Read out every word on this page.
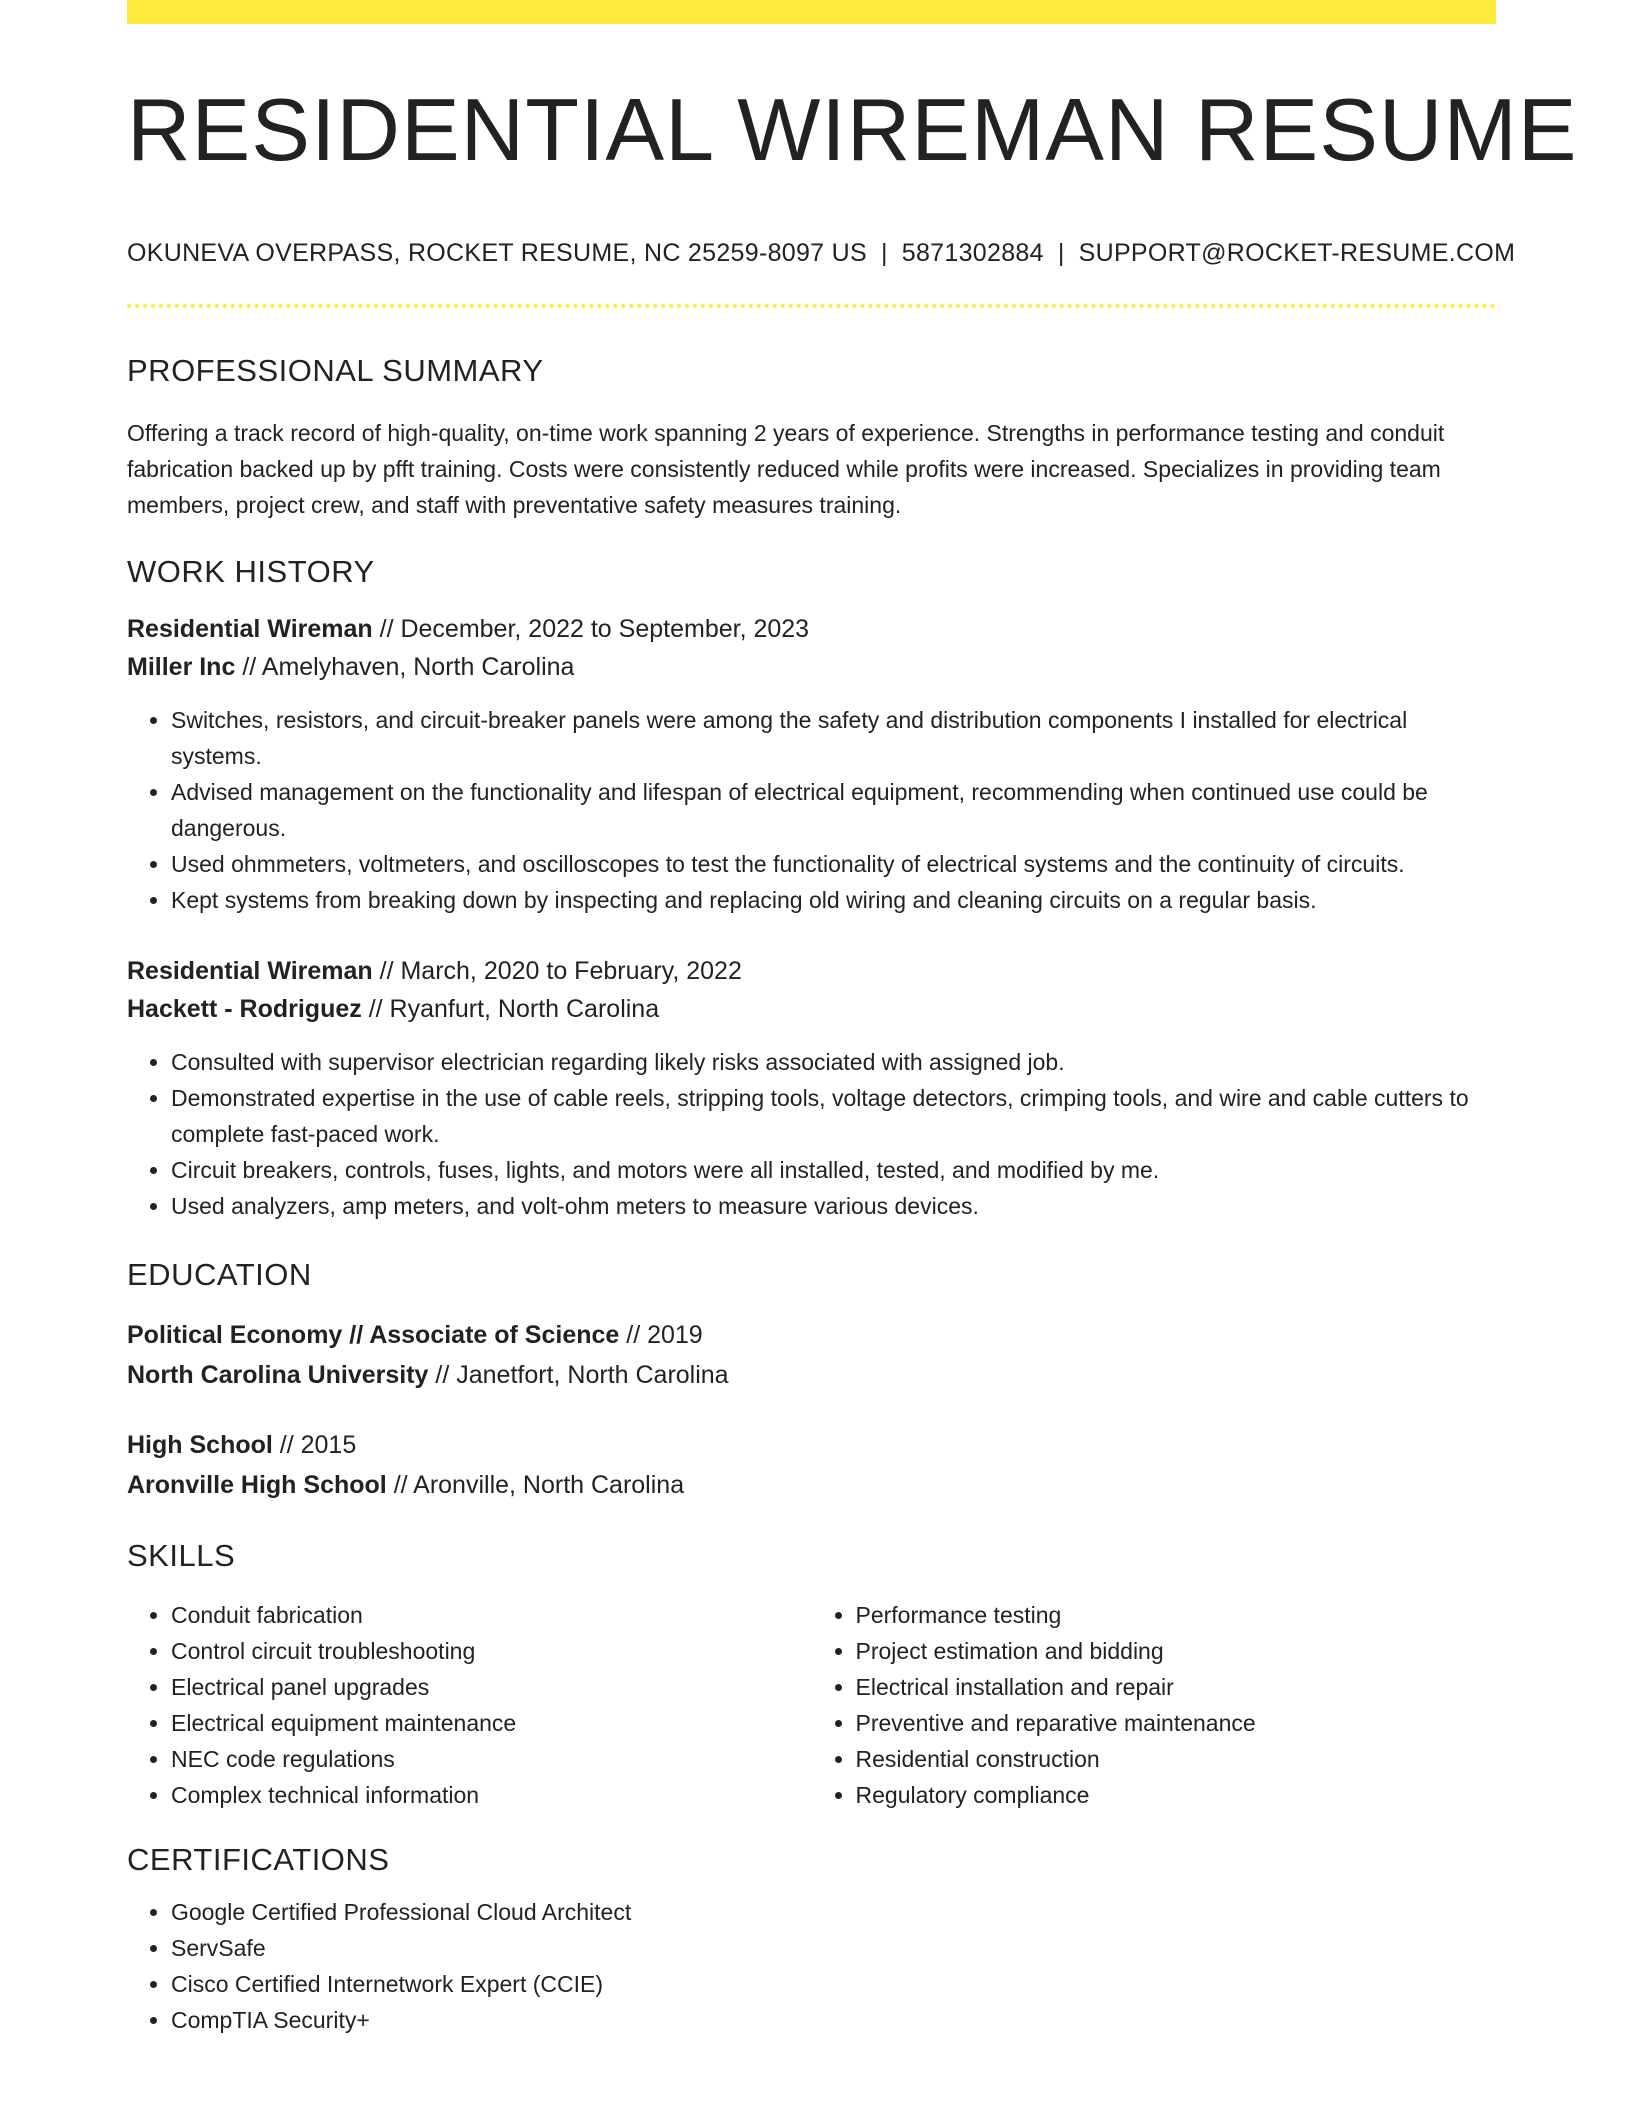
RESIDENTIAL WIREMAN RESUME
OKUNEVA OVERPASS, ROCKET RESUME, NC 25259-8097 US | 5871302884 | SUPPORT@ROCKET-RESUME.COM
PROFESSIONAL SUMMARY

Offering a track record of high-quality, on-time work spanning 2 years of experience. Strengths in performance testing and conduit fabrication backed up by pfft training. Costs were consistently reduced while profits were increased. Specializes in providing team members, project crew, and staff with preventative safety measures training.

WORK HISTORY
Residential Wireman // December, 2022 to September, 2023
Miller Inc // Amelyhaven, North Carolina
• Switches, resistors, and circuit-breaker panels were among the safety and distribution components I installed for electrical systems.
• Advised management on the functionality and lifespan of electrical equipment, recommending when continued use could be dangerous.
• Used ohmmeters, voltmeters, and oscilloscopes to test the functionality of electrical systems and the continuity of circuits.
• Kept systems from breaking down by inspecting and replacing old wiring and cleaning circuits on a regular basis.
Residential Wireman // March, 2020 to February, 2022
Hackett - Rodriguez // Ryanfurt, North Carolina
• Consulted with supervisor electrician regarding likely risks associated with assigned job.
• Demonstrated expertise in the use of cable reels, stripping tools, voltage detectors, crimping tools, and wire and cable cutters to complete fast-paced work.
• Circuit breakers, controls, fuses, lights, and motors were all installed, tested, and modified by me.
• Used analyzers, amp meters, and volt-ohm meters to measure various devices.
EDUCATION
Political Economy // Associate of Science // 2019
North Carolina University // Janetfort, North Carolina
High School // 2015
Aronville High School // Aronville, North Carolina
SKILLS
• Conduit fabrication
• Control circuit troubleshooting
• Electrical panel upgrades
• Electrical equipment maintenance
• NEC code regulations
• Complex technical information
• Performance testing
• Project estimation and bidding
• Electrical installation and repair
• Preventive and reparative maintenance
• Residential construction
• Regulatory compliance
CERTIFICATIONS
• Google Certified Professional Cloud Architect
• ServSafe
• Cisco Certified Internetwork Expert (CCIE)
• CompTIA Security+
